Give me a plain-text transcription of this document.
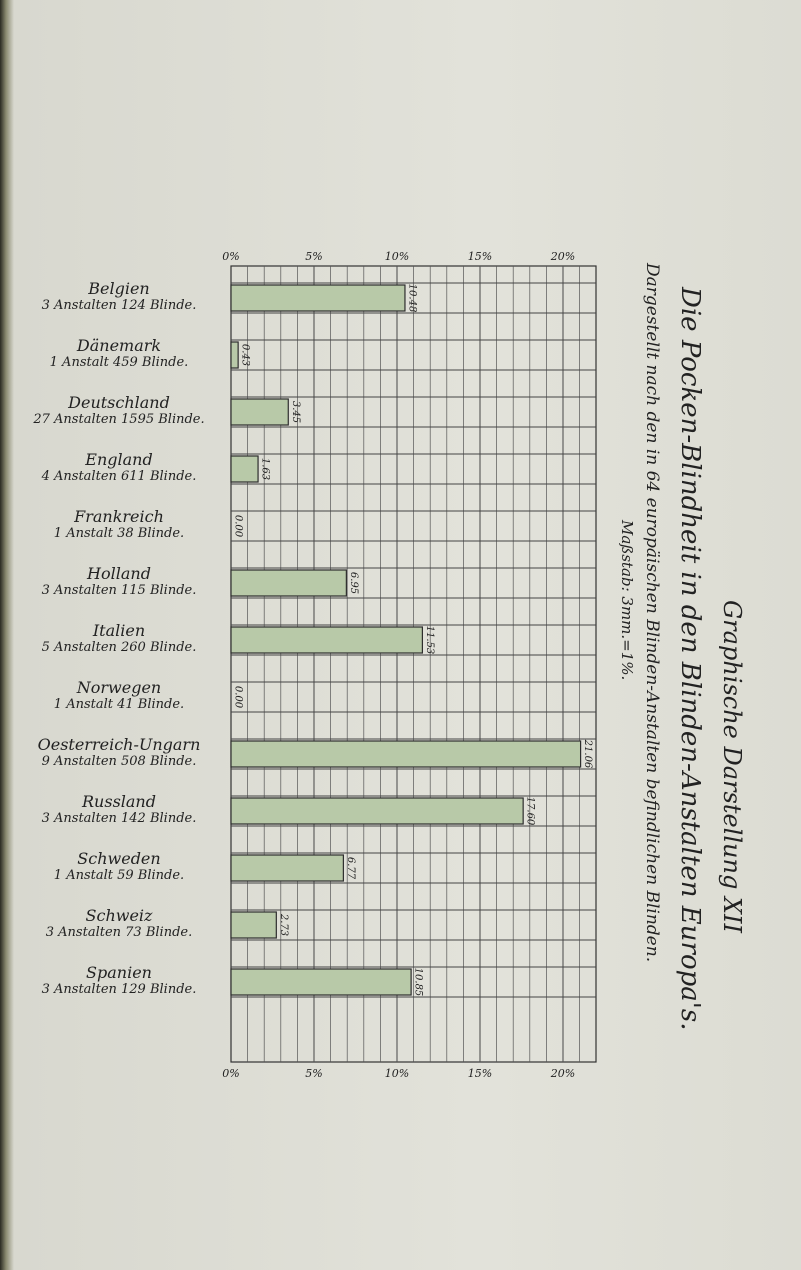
Belgien
3 Anstalten 124 Blinde.
Dänemark
1 Anstalt 459 Blinde.
Deutschland
27 Anstalten 1595 Blinde.
England
4 Anstalten 611 Blinde.
Frankreich
1 Anstalt 38 Blinde.
Holland
3 Anstalten 115 Blinde.
Italien
5 Anstalten 260 Blinde.
Norwegen
1 Anstalt 41 Blinde.
Oesterreich-Ungarn
9 Anstalten 508 Blinde.
Russland
3 Anstalten 142 Blinde.
Schweden
1 Anstalt 59 Blinde.
Schweiz
3 Anstalten 73 Blinde.
Spanien
3 Anstalten 129 Blinde.
0%
0%
5%
5%
10%
10%
15%
15%
20%
20%
10.48
0.43
3.45
1.63
0.00
6.95
11.53
0.00
21.06
17.60
6.77
2.73
10.85
Graphische Darstellung XII
Die Pocken-Blindheit in den Blinden-Anstalten Europa's.
Dargestellt nach den in 64 europäischen Blinden-Anstalten befindlichen Blinden.
Maßstab: 3mm.=1%.
